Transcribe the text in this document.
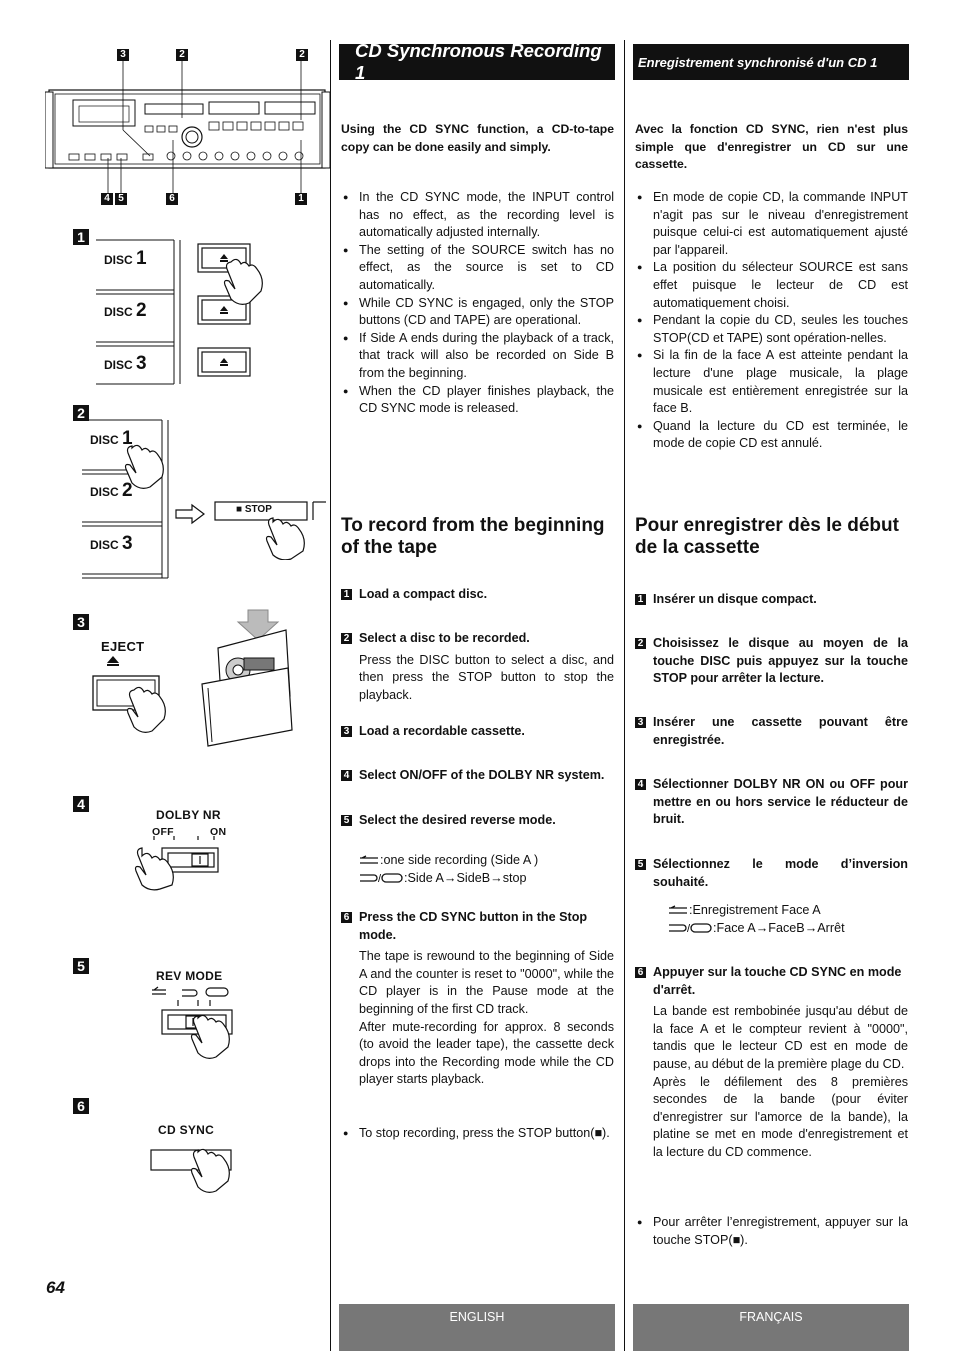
3	2	2
4 5	6	1
1
DISC 1
DISC 2
DISC 3
2
DISC 1
DISC 2
DISC 3
■ STOP
3
EJECT
4
DOLBY NR
OFF	ON
5
REV MODE
6
CD SYNC
64
CD Synchronous Recording 1
Using the CD SYNC function, a CD-to-tape copy can be done easily and simply.
● In the CD SYNC mode, the INPUT control has no effect, as the recording level is automatically adjusted internally.
● The setting of the SOURCE switch has no effect, as the source is set to CD automatically.
● While CD SYNC is engaged, only the STOP buttons (CD and TAPE) are operational.
● If Side A ends during the playback of a track, that track will also be recorded on Side B from the beginning.
● When the CD player finishes playback, the CD SYNC mode is released.
To record from the beginning of the tape
1 Load a compact disc.
2 Select a disc to be recorded.
Press the DISC button to select a disc, and then press the STOP button to stop the playback.
3 Load a recordable cassette.
4 Select ON/OFF of the DOLBY NR system.
5 Select the desired reverse mode.
:one side recording (Side A )
/ :Side A→SideB→stop
6 Press the CD SYNC button in the Stop mode.
The tape is rewound to the beginning of Side A and the counter is reset to "0000", while the CD player is in the Pause mode at the beginning of the first CD track.
After mute-recording for approx. 8 seconds (to avoid the leader tape), the cassette deck drops into the Recording mode while the CD player starts playback.
● To stop recording, press the STOP button(■).
Enregistrement synchronisé d'un CD 1
Avec la fonction CD SYNC, rien n'est plus simple que d'enregistrer un CD sur une cassette.
● En mode de copie CD, la commande INPUT n'agit pas sur le niveau d'enregistrement puisque celui-ci est automatiquement ajusté par l'appareil.
● La position du sélecteur SOURCE est sans effet puisque le lecteur de CD est automatiquement choisi.
● Pendant la copie du CD, seules les touches STOP(CD et TAPE) sont opération-nelles.
● Si la fin de la face A est atteinte pendant la lecture d'une plage musicale, la plage musicale est entièrement enregistrée sur la face B.
● Quand la lecture du CD est terminée, le mode de copie CD est annulé.
Pour enregistrer dès le début de la cassette
1 Insérer un disque compact.
2 Choisissez le disque au moyen de la touche DISC puis appuyez sur la touche STOP pour arrêter la lecture.
3 Insérer une cassette pouvant être enregistrée.
4 Sélectionner DOLBY NR ON ou OFF pour mettre en ou hors service le réducteur de bruit.
5 Sélectionnez le mode d’inversion souhaité.
:Enregistrement Face A
/ :Face A→FaceB→Arrêt
6 Appuyer sur la touche CD SYNC en mode d'arrêt.
La bande est rembobinée jusqu'au début de la face A et le compteur revient à "0000", tandis que le lecteur CD est en mode de pause, au début de la première plage du CD.
Après le défilement des 8 premières secondes de la bande (pour éviter d'enregistrer sur l'amorce de la bande), la platine se met en mode d'enregistrement et la lecture du CD commence.
● Pour arrêter l’enregistrement, appuyer sur la touche STOP(■).
ENGLISH	FRANÇAIS
